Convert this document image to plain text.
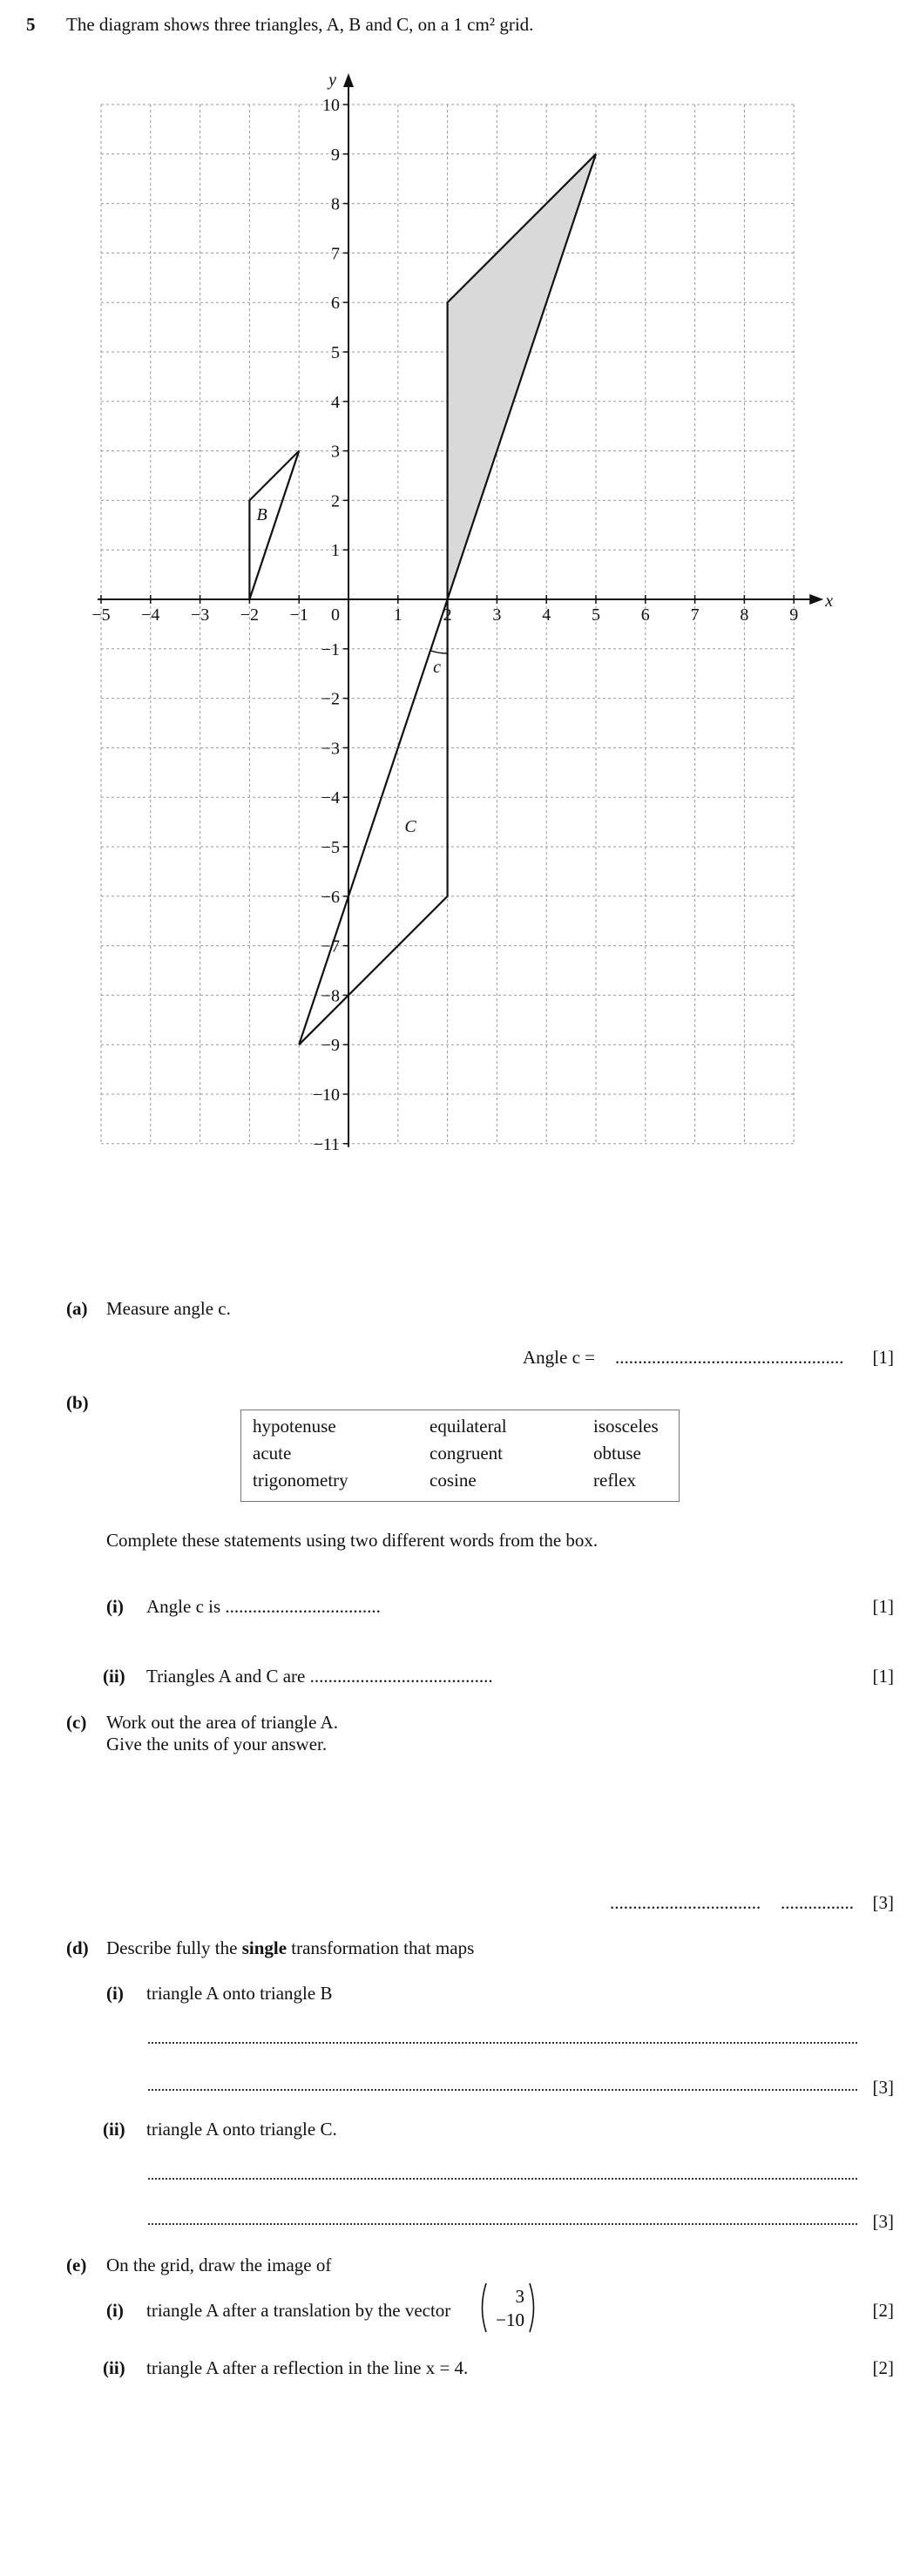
5 The diagram shows three triangles, A, B and C, on a 1 cm² grid.
−5 −4 −3 −2 −1	1 2 3 4 5 6 7 8 9
10
9
8
7
6
5
4
3
2
1
−1
−2
−3
−4
−5
−6
−7
−8
−9
−10
−11
0
x
y
B
C
c
(a) Measure angle c.
Angle c = .................................................. [1]
(b)
hypotenuse	equilateral	isosceles
acute	congruent	obtuse
trigonometry	cosine	reflex
Complete these statements using two different words from the box.
(i) Angle c is ..................................	[1]
(ii) Triangles A and C are ........................................	[1]
(c) Work out the area of triangle A.
Give the units of your answer.
................................. ................ [3]
(d) Describe fully the single transformation that maps
(i) triangle A onto triangle B
[3]
(ii) triangle A onto triangle C.
[3]
(e) On the grid, draw the image of
(i) triangle A after a translation by the vector
3
−10	[2]
(ii) triangle A after a reflection in the line x = 4.	[2]
